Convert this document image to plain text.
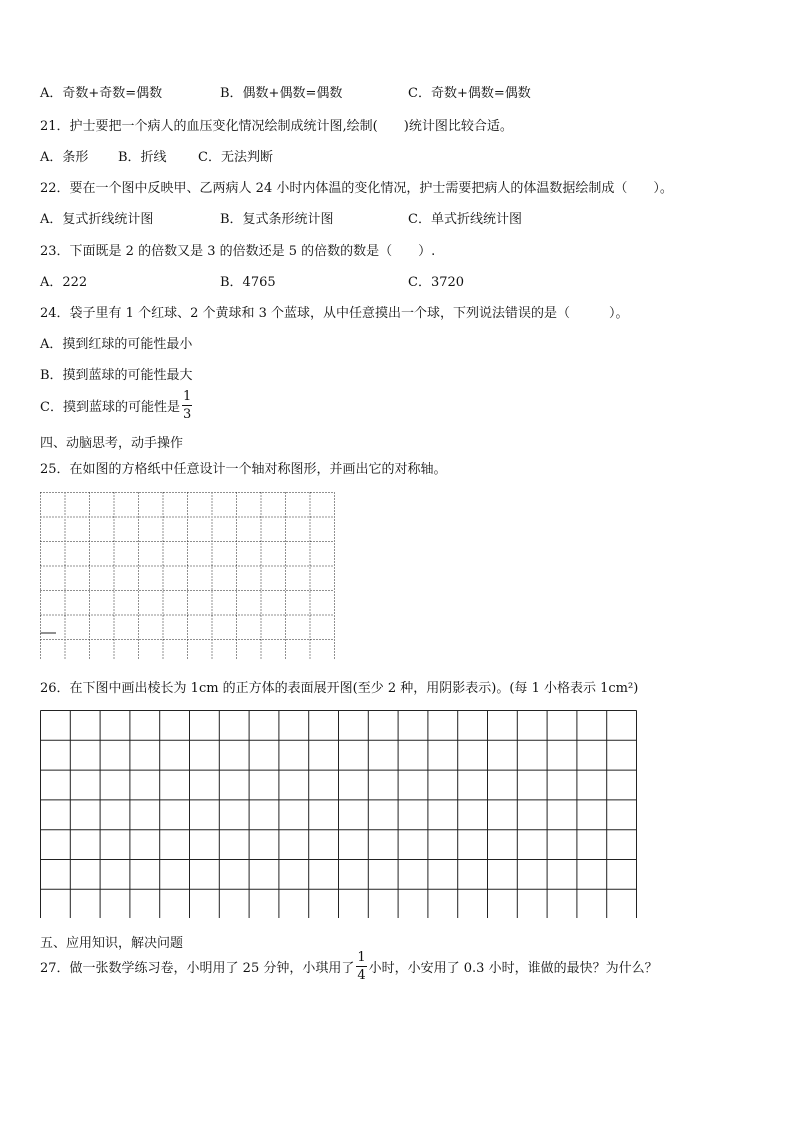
A．奇数+奇数=偶数	B．偶数+偶数=偶数	C．奇数+偶数=偶数
21．护士要把一个病人的血压变化情况绘制成统计图,绘制(　　)统计图比较合适。
A．条形 B．折线 C．无法判断
22．要在一个图中反映甲、乙两病人 24 小时内体温的变化情况，护士需要把病人的体温数据绘制成（　　）。
A．复式折线统计图	B．复式条形统计图	C．单式折线统计图
23．下面既是 2 的倍数又是 3 的倍数还是 5 的倍数的数是（　　）.
A．222	B．4765	C．3720
24．袋子里有 1 个红球、2 个黄球和 3 个蓝球，从中任意摸出一个球，下列说法错误的是（　　　）。
A．摸到红球的可能性最小
B．摸到蓝球的可能性最大
C．摸到蓝球的可能性是 $\frac{1}{3}$
四、动脑思考，动手操作
25．在如图的方格纸中任意设计一个轴对称图形，并画出它的对称轴。
26．在下图中画出棱长为 1cm 的正方体的表面展开图(至少 2 种，用阴影表示)。(每 1 小格表示 1cm²)
五、应用知识，解决问题
27．做一张数学练习卷，小明用了 25 分钟，小琪用了 $\frac{1}{4}$ 小时，小安用了 0.3 小时，谁做的最快？为什么？
